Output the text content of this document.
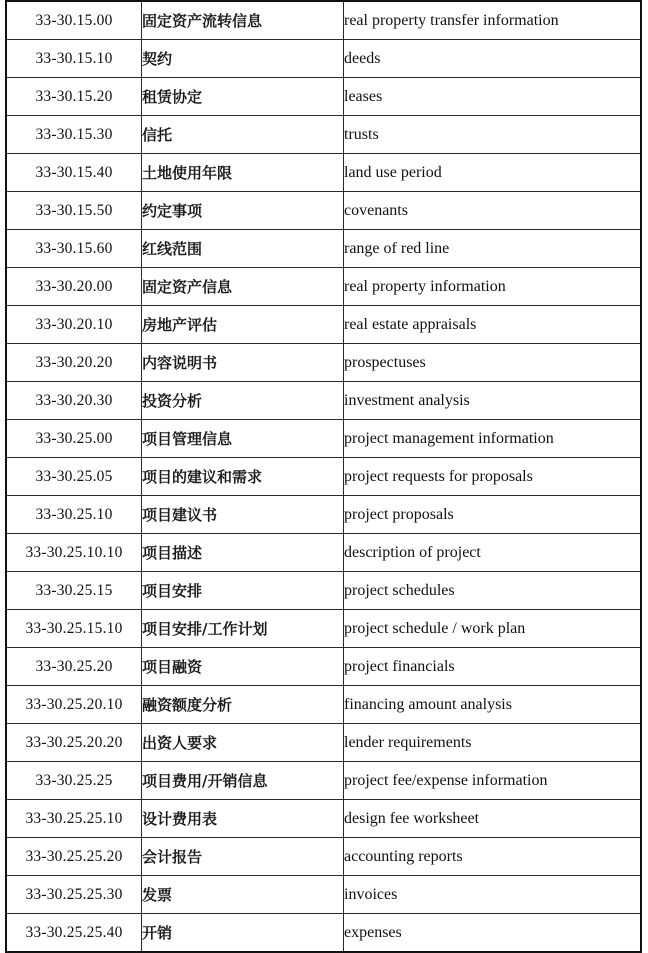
33-30.15.00	固定资产流转信息	real property transfer information
33-30.15.10	契约	deeds
33-30.15.20	租赁协定	leases
33-30.15.30	信托	trusts
33-30.15.40	土地使用年限	land use period
33-30.15.50	约定事项	covenants
33-30.15.60	红线范围	range of red line
33-30.20.00	固定资产信息	real property information
33-30.20.10	房地产评估	real estate appraisals
33-30.20.20	内容说明书	prospectuses
33-30.20.30	投资分析	investment analysis
33-30.25.00	项目管理信息	project management information
33-30.25.05	项目的建议和需求	project requests for proposals
33-30.25.10	项目建议书	project proposals
33-30.25.10.10	项目描述	description of project
33-30.25.15	项目安排	project schedules
33-30.25.15.10	项目安排/工作计划	project schedule / work plan
33-30.25.20	项目融资	project financials
33-30.25.20.10	融资额度分析	financing amount analysis
33-30.25.20.20	出资人要求	lender requirements
33-30.25.25	项目费用/开销信息	project fee/expense information
33-30.25.25.10	设计费用表	design fee worksheet
33-30.25.25.20	会计报告	accounting reports
33-30.25.25.30	发票	invoices
33-30.25.25.40	开销	expenses
